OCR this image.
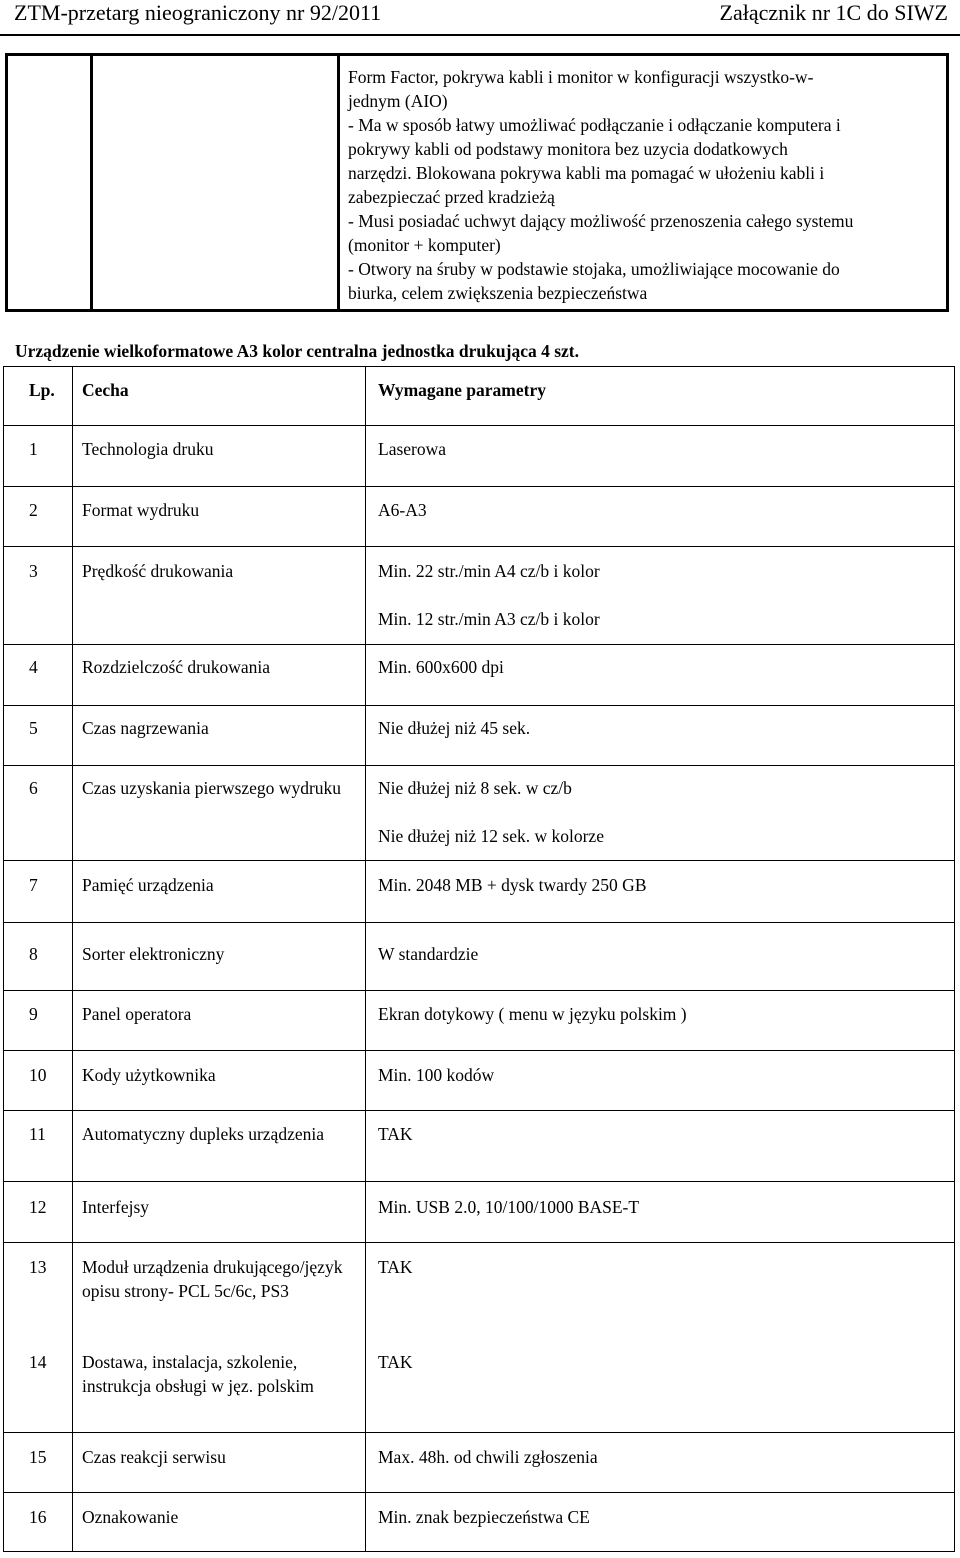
ZTM-przetarg nieograniczony nr 92/2011	Załącznik nr 1C do SIWZ
Form Factor, pokrywa kabli i monitor w konfiguracji wszystko-w-
jednym (AIO)
- Ma w sposób łatwy umożliwać podłączanie i odłączanie komputera i
pokrywy kabli od podstawy monitora bez uzycia dodatkowych
narzędzi. Blokowana pokrywa kabli ma pomagać w ułożeniu kabli i
zabezpieczać przed kradzieżą
- Musi posiadać uchwyt dający możliwość przenoszenia całego systemu
(monitor + komputer)
- Otwory na śruby w podstawie stojaka, umożliwiające mocowanie do
biurka, celem zwiększenia bezpieczeństwa
Urządzenie wielkoformatowe A3 kolor centralna jednostka drukująca 4 szt.
Lp. Cecha	Wymagane parametry
1	Technologia druku	Laserowa
2	Format wydruku	A6-A3
3	Prędkość drukowania	Min. 22 str./min A4 cz/b i kolor
Min. 12 str./min A3 cz/b i kolor
4	Rozdzielczość drukowania	Min. 600x600 dpi
5	Czas nagrzewania	Nie dłużej niż 45 sek.
6	Czas uzyskania pierwszego wydruku	Nie dłużej niż 8 sek. w cz/b
Nie dłużej niż 12 sek. w kolorze
7	Pamięć urządzenia	Min. 2048 MB + dysk twardy 250 GB
8	Sorter elektroniczny	W standardzie
9	Panel operatora	Ekran dotykowy ( menu w języku polskim )
10 Kody użytkownika	Min. 100 kodów
11 Automatyczny dupleks urządzenia	TAK
12 Interfejsy	Min. USB 2.0, 10/100/1000 BASE-T
13 Moduł urządzenia drukującego/język opisu strony- PCL 5c/6c, PS3
TAK
14 Dostawa, instalacja, szkolenie, instrukcja obsługi w jęz. polskim
TAK
15 Czas reakcji serwisu	Max. 48h. od chwili zgłoszenia
16 Oznakowanie	Min. znak bezpieczeństwa CE
